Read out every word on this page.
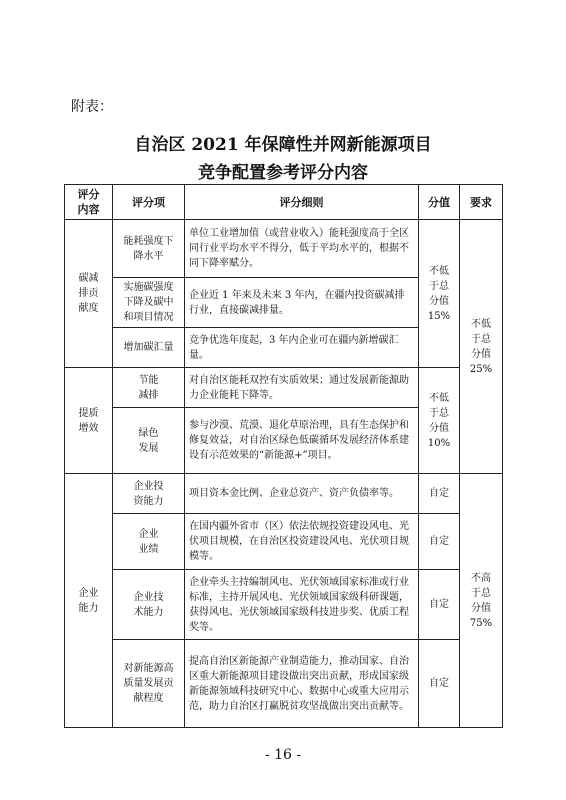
附表：
自治区 2021 年保障性并网新能源项目
竞争配置参考评分内容
评分
内容	评分项	评分细则	分值	要求
碳减
排贡
献度	能耗强度下
降水平	单位工业增加值（或营业收入）能耗强度高于全区同行业平均水平不得分，低于平均水平的，根据不同下降率赋分。	不低
于总
分值
15%	不低
于总
分值
25%
	实施碳强度
下降及碳中
和项目情况	企业近 1 年来及未来 3 年内，在疆内投资碳减排行业，直接碳减排量。		
	增加碳汇量	竞争优选年度起，3 年内企业可在疆内新增碳汇量。		
提质
增效	节能
减排	对自治区能耗双控有实质效果；通过发展新能源助力企业能耗下降等。	不低
于总
分值
10%	
	绿色
发展	参与沙漠、荒漠、退化草原治理，具有生态保护和修复效益，对自治区绿色低碳循环发展经济体系建设有示范效果的“新能源+”项目。		
企业
能力	企业投
资能力	项目资本金比例、企业总资产、资产负债率等。	自定	不高
于总
分值
75%
	企业
业绩	在国内疆外省市（区）依法依规投资建设风电、光伏项目规模，在自治区投资建设风电、光伏项目规模等。	自定	
	企业技
术能力	企业牵头主持编制风电、光伏领域国家标准或行业标准，主持开展风电、光伏领域国家级科研课题，获得风电、光伏领域国家级科技进步奖、优质工程奖等。	自定	
	对新能源高
质量发展贡
献程度	提高自治区新能源产业制造能力，推动国家、自治区重大新能源项目建设做出突出贡献，形成国家级新能源领域科技研究中心、数据中心或重大应用示范，助力自治区打赢脱贫攻坚战做出突出贡献等。	自定	
- 16 -
